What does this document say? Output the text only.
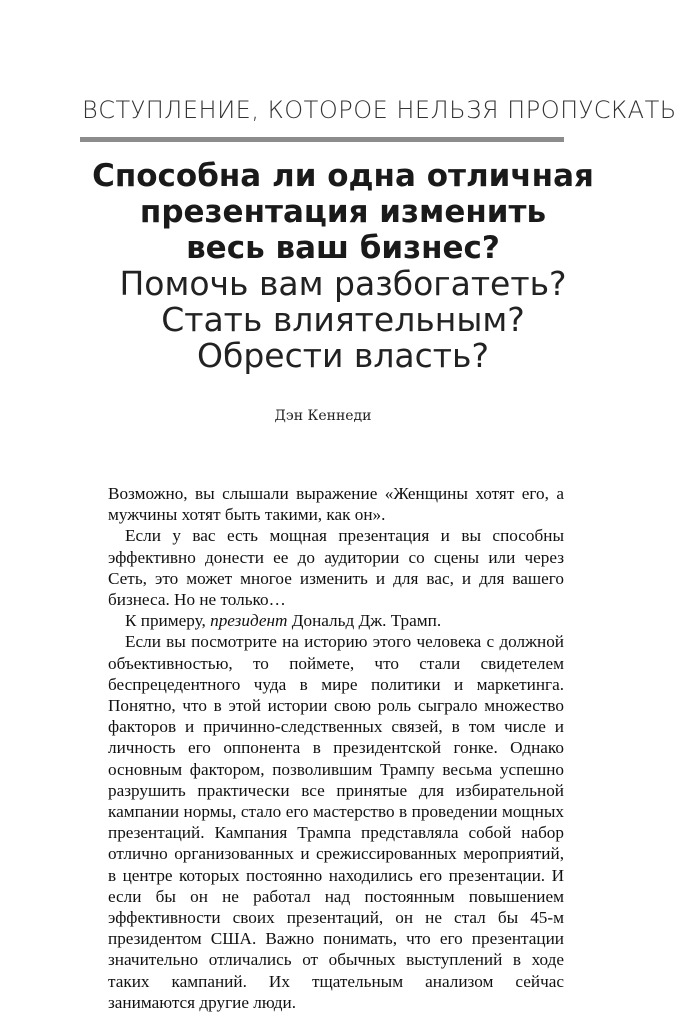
ВСТУПЛЕНИЕ, КОТОРОЕ НЕЛЬЗЯ ПРОПУСКАТЬ
Способна ли одна отличная
презентация изменить
весь ваш бизнес?
Помочь вам разбогатеть?
Стать влиятельным?
Обрести власть?
Дэн Кеннеди

Возможно, вы слышали выражение «Женщины хотят его, а мужчины хотят быть такими, как он».

Если у вас есть мощная презентация и вы способны эффективно донести ее до аудитории со сцены или через Сеть, это может многое изменить и для вас, и для вашего бизнеса. Но не только…

К примеру, президент Дональд Дж. Трамп.

Если вы посмотрите на историю этого человека с должной объективностью, то поймете, что стали свидетелем беспрецедентного чуда в мире политики и маркетинга. Понятно, что в этой истории свою роль сыграло множество факторов и причинно-следственных связей, в том числе и личность его оппонента в президентской гонке. Однако основным фактором, позволившим Трампу весьма успешно разрушить практически все принятые для избирательной кампании нормы, стало его мастерство в проведении мощных презентаций. Кампания Трампа представляла собой набор отлично организованных и срежиссированных мероприятий, в центре которых постоянно находились его презентации. И если бы он не работал над постоянным повышением эффективности своих презентаций, он не стал бы 45-м президентом США. Важно понимать, что его презентации значительно отличались от обычных выступлений в ходе таких кампаний. Их тщательным анализом сейчас занимаются другие люди.
